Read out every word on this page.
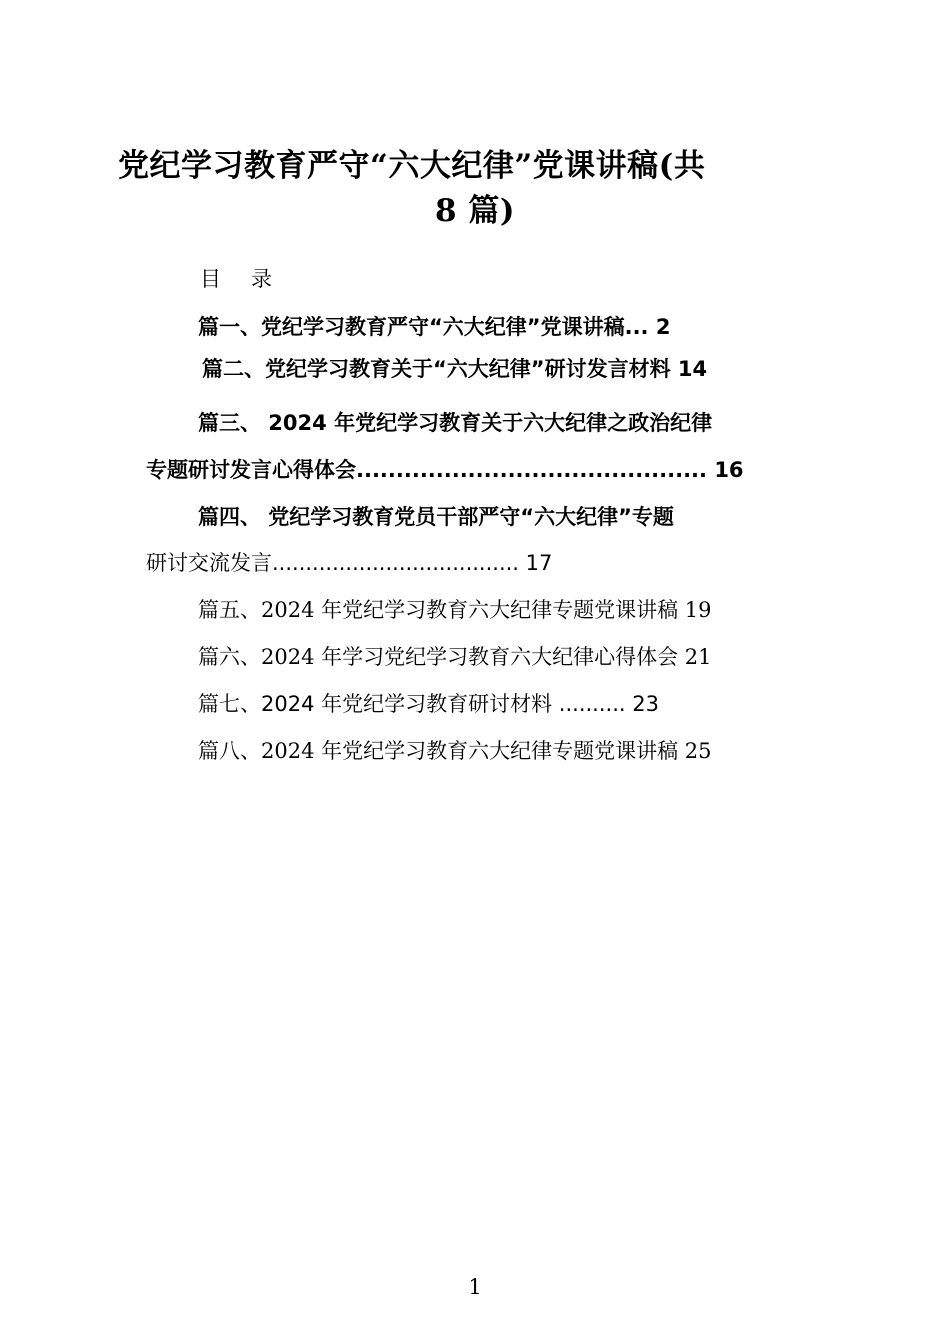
党纪学习教育严守“六大纪律”党课讲稿(共
8 篇)
目 录
篇一、党纪学习教育严守“六大纪律”党课讲稿... 2
篇二、党纪学习教育关于“六大纪律”研讨发言材料 14
篇三、 2024 年党纪学习教育关于六大纪律之政治纪律
专题研讨发言心得体会............................................ 16
篇四、 党纪学习教育党员干部严守“六大纪律”专题
研讨交流发言..................................... 17
篇五、2024 年党纪学习教育六大纪律专题党课讲稿 19
篇六、2024 年学习党纪学习教育六大纪律心得体会 21
篇七、2024 年党纪学习教育研讨材料 .......... 23
篇八、2024 年党纪学习教育六大纪律专题党课讲稿 25
1
